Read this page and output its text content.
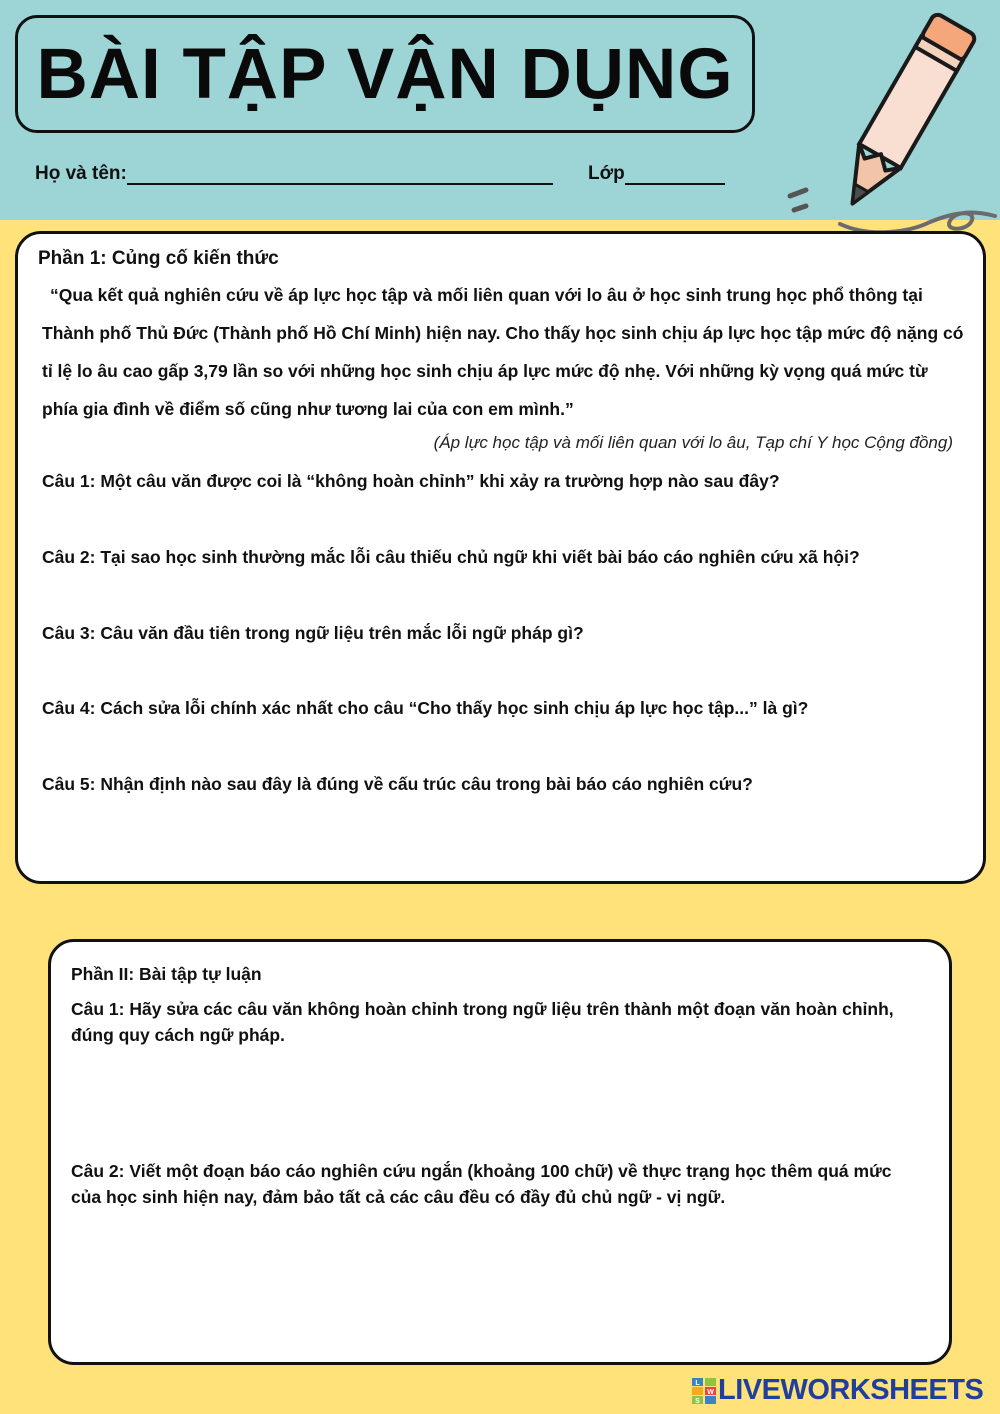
BÀI TẬP VẬN DỤNG
Họ và tên:	Lớp
Phần 1: Củng cố kiến thức

“Qua kết quả nghiên cứu về áp lực học tập và mối liên quan với lo âu ở học sinh trung học phổ thông tại Thành phố Thủ Đức (Thành phố Hồ Chí Minh) hiện nay. Cho thấy học sinh chịu áp lực học tập mức độ nặng có tỉ lệ lo âu cao gấp 3,79 lần so với những học sinh chịu áp lực mức độ nhẹ. Với những kỳ vọng quá mức từ phía gia đình về điểm số cũng như tương lai của con em mình.”

(Áp lực học tập và mối liên quan với lo âu, Tạp chí Y học Cộng đồng)
Câu 1: Một câu văn được coi là “không hoàn chỉnh” khi xảy ra trường hợp nào sau đây?
Câu 2: Tại sao học sinh thường mắc lỗi câu thiếu chủ ngữ khi viết bài báo cáo nghiên cứu xã hội?
Câu 3: Câu văn đầu tiên trong ngữ liệu trên mắc lỗi ngữ pháp gì?
Câu 4: Cách sửa lỗi chính xác nhất cho câu “Cho thấy học sinh chịu áp lực học tập...” là gì?
Câu 5: Nhận định nào sau đây là đúng về cấu trúc câu trong bài báo cáo nghiên cứu?
Phần II: Bài tập tự luận
Câu 1: Hãy sửa các câu văn không hoàn chỉnh trong ngữ liệu trên thành một đoạn văn hoàn chỉnh, đúng quy cách ngữ pháp.
Câu 2: Viết một đoạn báo cáo nghiên cứu ngắn (khoảng 100 chữ) về thực trạng học thêm quá mức của học sinh hiện nay, đảm bảo tất cả các câu đều có đầy đủ chủ ngữ - vị ngữ.
L
W
S LIVEWORKSHEETS
